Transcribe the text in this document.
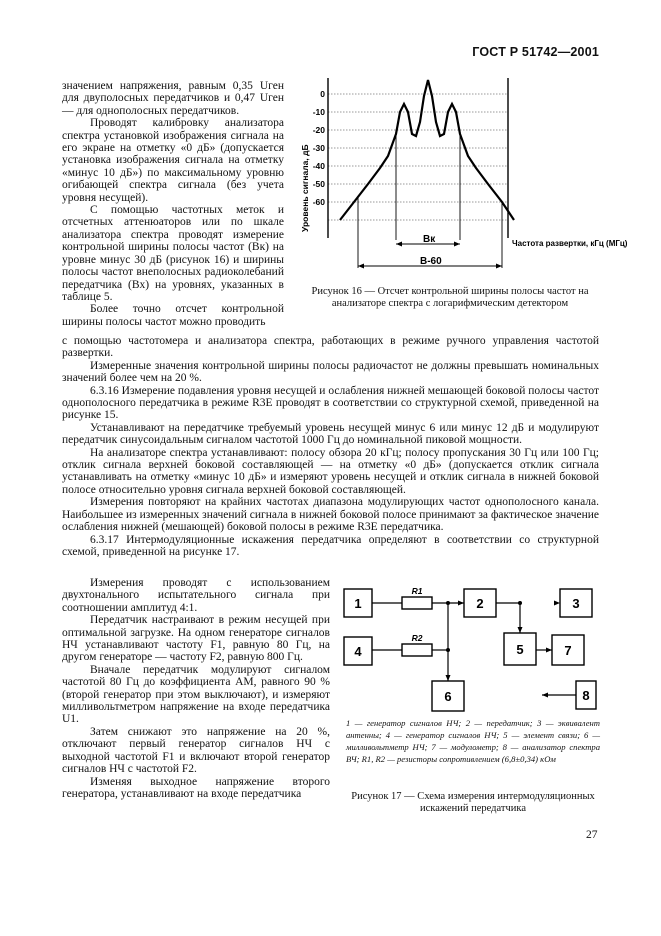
ГОСТ Р 51742—2001

значением напряжения, равным 0,35 Uген для двуполосных передатчиков и 0,47 Uген — для однополосных передатчиков.

Проводят калибровку анализатора спектра установкой изображения сигнала на его экране на отметку «0 дБ» (допускается установка изображения сигнала на отметку «минус 10 дБ») по максимальному уровню огибающей спектра сигнала (без учета уровня несущей).

С помощью частотных меток и отсчетных аттенюаторов или по шкале анализатора спектра проводят измерение контрольной ширины полосы частот (Bк) на уровне минус 30 дБ (рисунок 16) и ширины полосы частот внеполосных радиоколебаний передатчика (Bх) на уровнях, указанных в таблице 5.

Более точно отсчет контрольной ширины полосы частот можно проводить

Уровень сигнала, дБ
0
-10
-20
-30
-40
-50
-60
Bк
B-60
Частота развертки, кГц (МГц)
Рисунок 16 — Отсчет контрольной ширины полосы частот на анализаторе спектра с логарифмическим детектором

с помощью частотомера и анализатора спектра, работающих в режиме ручного управления частотой развертки.

Измеренные значения контрольной ширины полосы радиочастот не должны превышать номинальных значений более чем на 20 %.

6.3.16 Измерение подавления уровня несущей и ослабления нижней мешающей боковой полосы частот однополосного передатчика в режиме R3E проводят в соответствии со структурной схемой, приведенной на рисунке 15.

Устанавливают на передатчике требуемый уровень несущей минус 6 или минус 12 дБ и модулируют передатчик синусоидальным сигналом частотой 1000 Гц до номинальной пиковой мощности.

На анализаторе спектра устанавливают: полосу обзора 20 кГц; полосу пропускания 30 Гц или 100 Гц; отклик сигнала верхней боковой составляющей — на отметку «0 дБ» (допускается отклик сигнала устанавливать на отметку «минус 10 дБ» и измеряют уровень несущей и отклик сигнала в нижней боковой полосе относительно уровня сигнала верхней боковой составляющей.

Измерения повторяют на крайних частотах диапазона модулирующих частот однополосного канала. Наибольшее из измеренных значений сигнала в нижней боковой полосе принимают за фактическое значение ослабления нижней (мешающей) боковой полосы в режиме R3E передатчика.

6.3.17 Интермодуляционные искажения передатчика определяют в соответствии со структурной схемой, приведенной на рисунке 17.

Измерения проводят с использованием двухтонального испытательного сигнала при соотношении амплитуд 4:1.

Передатчик настраивают в режим несущей при оптимальной загрузке. На одном генераторе сигналов НЧ устанавливают частоту F1, равную 80 Гц, на другом генераторе — частоту F2, равную 800 Гц.

Вначале передатчик модулируют сигналом частотой 80 Гц до коэффициента АМ, равного 90 % (второй генератор при этом выключают), и измеряют милливольтметром напряжение на входе передатчика U1.

Затем снижают это напряжение на 20 %, отключают первый генератор сигналов НЧ с выходной частотой F1 и включают второй генератор сигналов НЧ с частотой F2.

Изменяя выходное напряжение второго генератора, устанавливают на входе передатчика

1	2	3
4	5	7
6	8
R1
R2
1 — генератор сигналов НЧ; 2 — передатчик; 3 — эквивалент антенны; 4 — генератор сигналов НЧ; 5 — элемент связи; 6 — милливольтметр НЧ; 7 — модулометр; 8 — анализатор спектра ВЧ; R1, R2 — резисторы сопротивлением (6,8±0,34) кОм
Рисунок 17 — Схема измерения интермодуляционных искажений передатчика
27
